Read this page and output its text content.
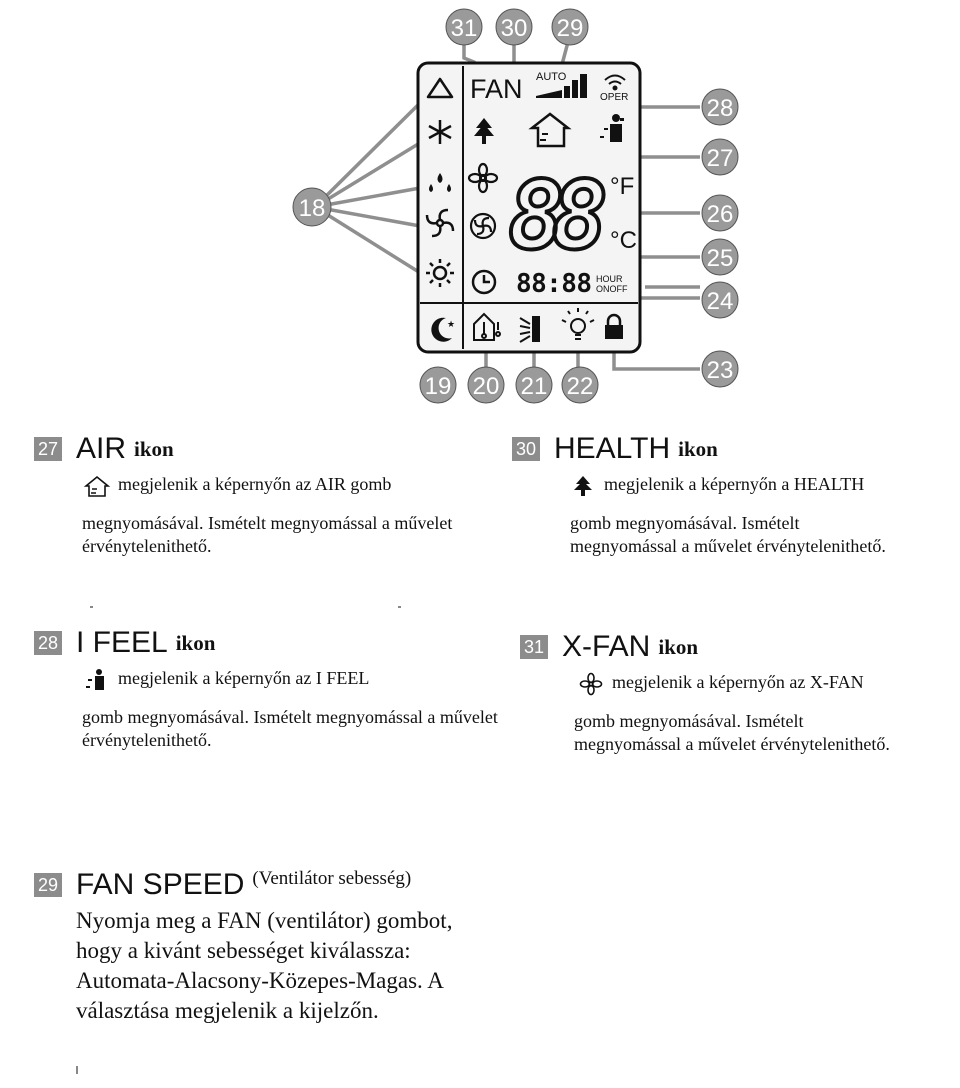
★
FAN AUTO
OPER
88 °F
°C
88:88 HOUR
ONOFF
31 30 29
28
27
26
25
24
23
18
19 20 21 22
27 AIR ikon
megjelenik a képernyőn az AIR gomb
megnyomásával. Ismételt megnyomással a művelet érvénytelenithető.
30 HEALTH ikon
megjelenik a képernyőn a HEALTH
gomb megnyomásával. Ismételt megnyomással a művelet érvénytelenithető.
28 I FEEL ikon
megjelenik a képernyőn az I FEEL
gomb megnyomásával. Ismételt megnyomással a művelet érvénytelenithető.
31 X-FAN ikon
megjelenik a képernyőn az X-FAN
gomb megnyomásával. Ismételt megnyomással a művelet érvénytelenithető.
29 FAN SPEED (Ventilátor sebesség)
Nyomja meg a FAN (ventilátor) gombot, hogy a kivánt sebességet kiválassza: Automata-Alacsony-Közepes-Magas. A választása megjelenik a kijelzőn.
